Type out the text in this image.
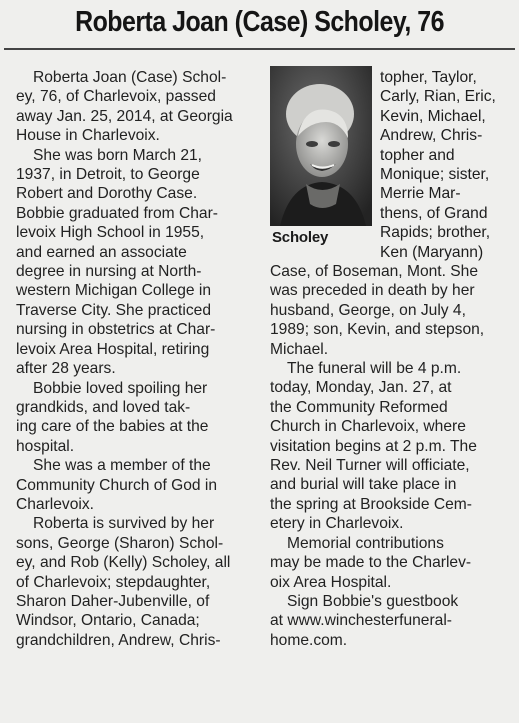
Roberta Joan (Case) Scholey, 76
Roberta Joan (Case) Schol-
ey, 76, of Charlevoix, passed
away Jan. 25, 2014, at Georgia
House in Charlevoix.
She was born March 21,
1937, in Detroit, to George
Robert and Dorothy Case.
Bobbie graduated from Char-
levoix High School in 1955,
and earned an associate
degree in nursing at North-
western Michigan College in
Traverse City. She practiced
nursing in obstetrics at Char-
levoix Area Hospital, retiring
after 28 years.
Bobbie loved spoiling her
grandkids, and loved tak-
ing care of the babies at the
hospital.
She was a member of the
Community Church of God in
Charlevoix.
Roberta is survived by her
sons, George (Sharon) Schol-
ey, and Rob (Kelly) Scholey, all
of Charlevoix; stepdaughter,
Sharon Daher-Jubenville, of
Windsor, Ontario, Canada;
grandchildren, Andrew, Chris-
Scholey
topher, Taylor,
Carly, Rian, Eric,
Kevin, Michael,
Andrew, Chris-
topher and
Monique; sister,
Merrie Mar-
thens, of Grand
Rapids; brother,
Ken (Maryann)
Case, of Boseman, Mont. She
was preceded in death by her
husband, George, on July 4,
1989; son, Kevin, and stepson,
Michael.
The funeral will be 4 p.m.
today, Monday, Jan. 27, at
the Community Reformed
Church in Charlevoix, where
visitation begins at 2 p.m. The
Rev. Neil Turner will officiate,
and burial will take place in
the spring at Brookside Cem-
etery in Charlevoix.
Memorial contributions
may be made to the Charlev-
oix Area Hospital.
Sign Bobbie's guestbook
at www.winchesterfuneral-
home.com.
